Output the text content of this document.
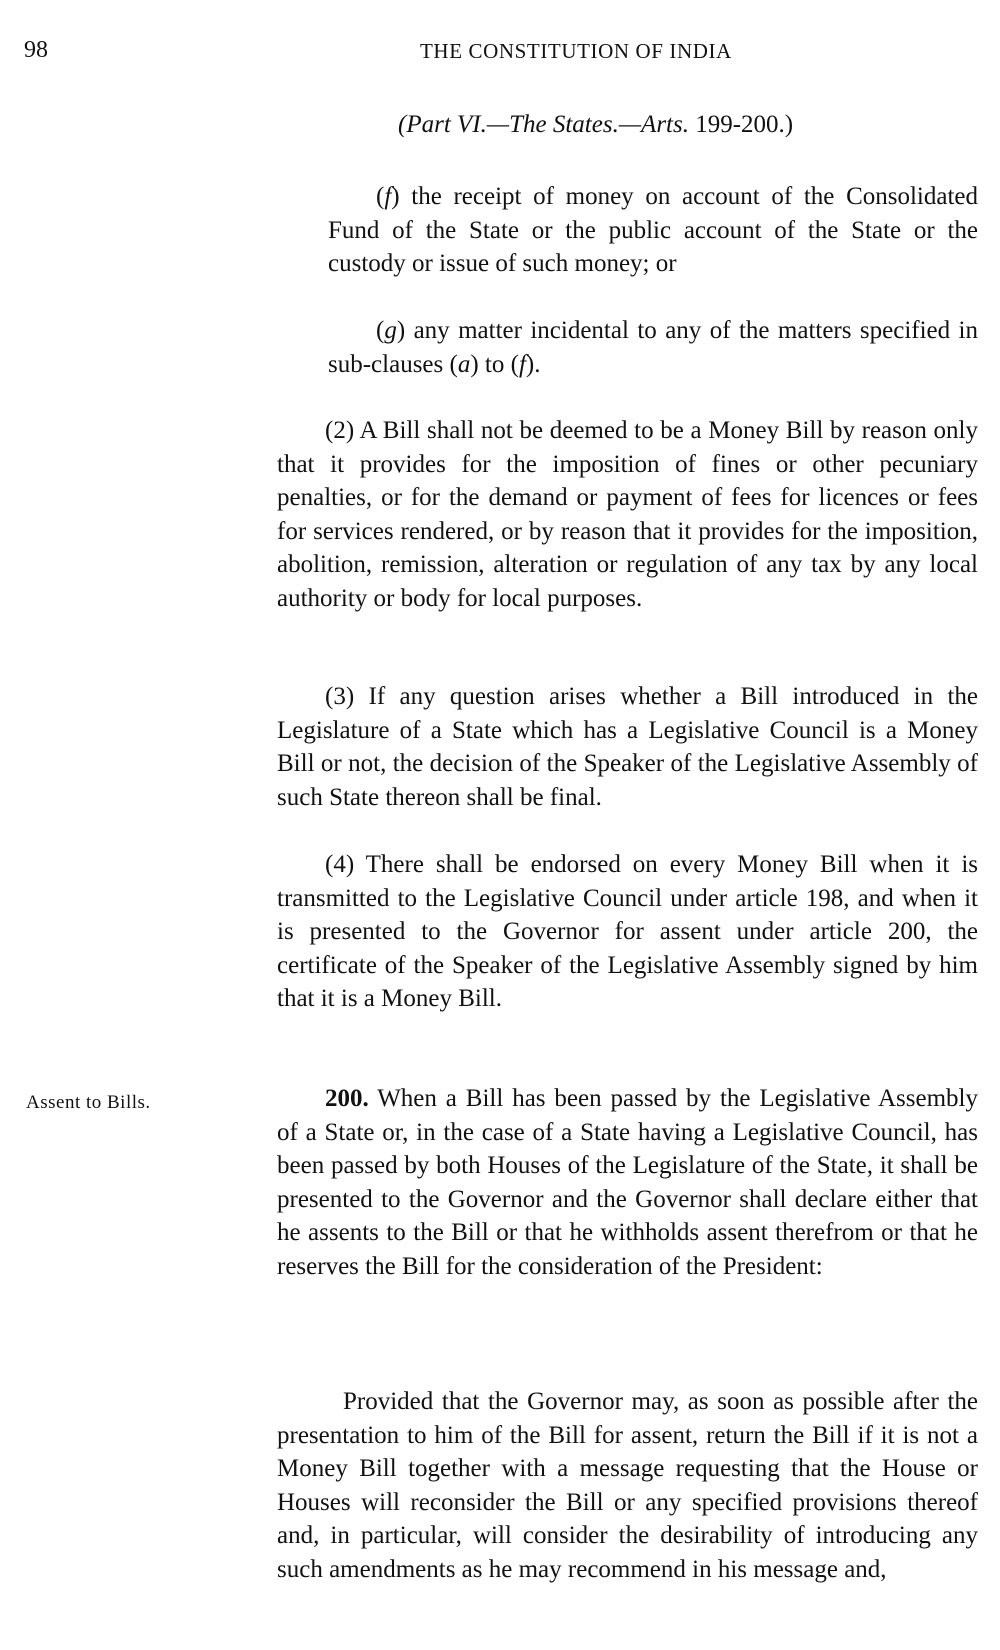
98	THE CONSTITUTION OF INDIA
(Part VI.—The States.—Arts. 199-200.)

(f) the receipt of money on account of the Consolidated Fund of the State or the public account of the State or the custody or issue of such money; or

(g) any matter incidental to any of the matters specified in sub-clauses (a) to (f).

(2) A Bill shall not be deemed to be a Money Bill by reason only that it provides for the imposition of fines or other pecuniary penalties, or for the demand or payment of fees for licences or fees for services rendered, or by reason that it provides for the imposition, abolition, remission, alteration or regulation of any tax by any local authority or body for local purposes.

(3) If any question arises whether a Bill introduced in the Legislature of a State which has a Legislative Council is a Money Bill or not, the decision of the Speaker of the Legislative Assembly of such State thereon shall be final.

(4) There shall be endorsed on every Money Bill when it is transmitted to the Legislative Council under article 198, and when it is presented to the Governor for assent under article 200, the certificate of the Speaker of the Legislative Assembly signed by him that it is a Money Bill.

Assent to Bills.	200. When a Bill has been passed by the Legislative Assembly of a State or, in the case of a State having a Legislative Council, has been passed by both Houses of the Legislature of the State, it shall be presented to the Governor and the Governor shall declare either that he assents to the Bill or that he withholds assent therefrom or that he reserves the Bill for the consideration of the President:

Provided that the Governor may, as soon as possible after the presentation to him of the Bill for assent, return the Bill if it is not a Money Bill together with a message requesting that the House or Houses will reconsider the Bill or any specified provisions thereof and, in particular, will consider the desirability of introducing any such amendments as he may recommend in his message and,
